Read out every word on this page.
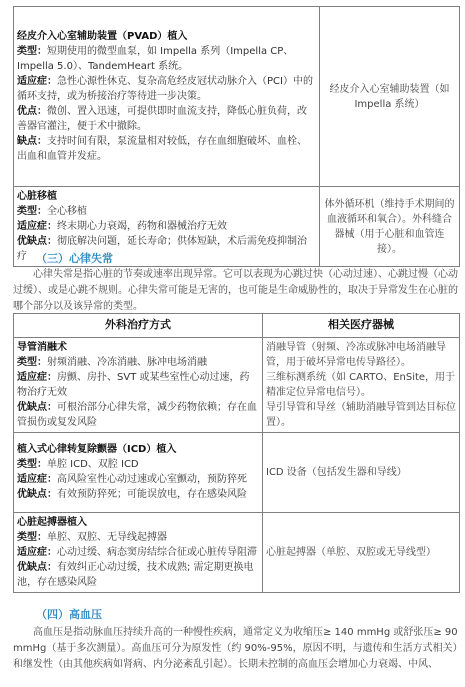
经皮介入心室辅助装置（PVAD）植入
类型：短期使用的微型血泵，如 Impella 系列（Impella CP、Impella 5.0）、TandemHeart 系统。
适应症：急性心源性休克、复杂高危经皮冠状动脉介入（PCI）中的循环支持，或为桥接治疗等待进一步决策。
优点：微创、置入迅速，可提供即时血流支持，降低心脏负荷，改善器官灌注，便于术中撤除。
缺点：支持时间有限，泵流量相对较低，存在血细胞破坏、血栓、出血和血管并发症。	经皮介入心室辅助装置（如 Impella 系统）

心脏移植
类型：全心移植
适应症：终末期心力衰竭，药物和器械治疗无效
优缺点：彻底解决问题，延长寿命；供体短缺，术后需免疫抑制治疗	体外循环机（维持手术期间的血液循环和氧合）。外科缝合器械（用于心脏和血管连接）。
（三）心律失常
心律失常是指心脏的节奏或速率出现异常。它可以表现为心跳过快（心动过速）、心跳过慢（心动过缓）、或是心跳不规则。心律失常可能是无害的，也可能是生命威胁性的，取决于异常发生在心脏的哪个部分以及该异常的类型。
外科治疗方式	相关医疗器械

导管消融术
类型：射频消融、冷冻消融、脉冲电场消融
适应症：房颤、房扑、SVT 或某些室性心动过速，药物治疗无效
优缺点：可根治部分心律失常，减少药物依赖；存在血管损伤或复发风险	消融导管（射频、冷冻或脉冲电场消融导管，用于破坏异常电传导路径）。
三维标测系统（如 CARTO、EnSite，用于精准定位异常电信号）。
导引导管和导丝（辅助消融导管到达目标位置）。

植入式心律转复除颤器（ICD）植入
类型：单腔 ICD、双腔 ICD
适应症：高风险室性心动过速或心室颤动，预防猝死
优缺点：有效预防猝死；可能误放电，存在感染风险	ICD 设备（包括发生器和导线）

心脏起搏器植入
类型：单腔、双腔、无导线起搏器
适应症：心动过缓、病态窦房结综合征或心脏传导阻滞
优缺点：有效纠正心动过缓，技术成熟; 需定期更换电池，存在感染风险	心脏起搏器（单腔、双腔或无导线型）
（四）高血压
高血压是指动脉血压持续升高的一种慢性疾病，通常定义为收缩压≥ 140 mmHg 或舒张压≥ 90 mmHg（基于多次测量）。高血压可分为原发性（约 90%-95%，原因不明，与遗传和生活方式相关）和继发性（由其他疾病如肾病、内分泌紊乱引起）。长期未控制的高血压会增加心力衰竭、中风、
